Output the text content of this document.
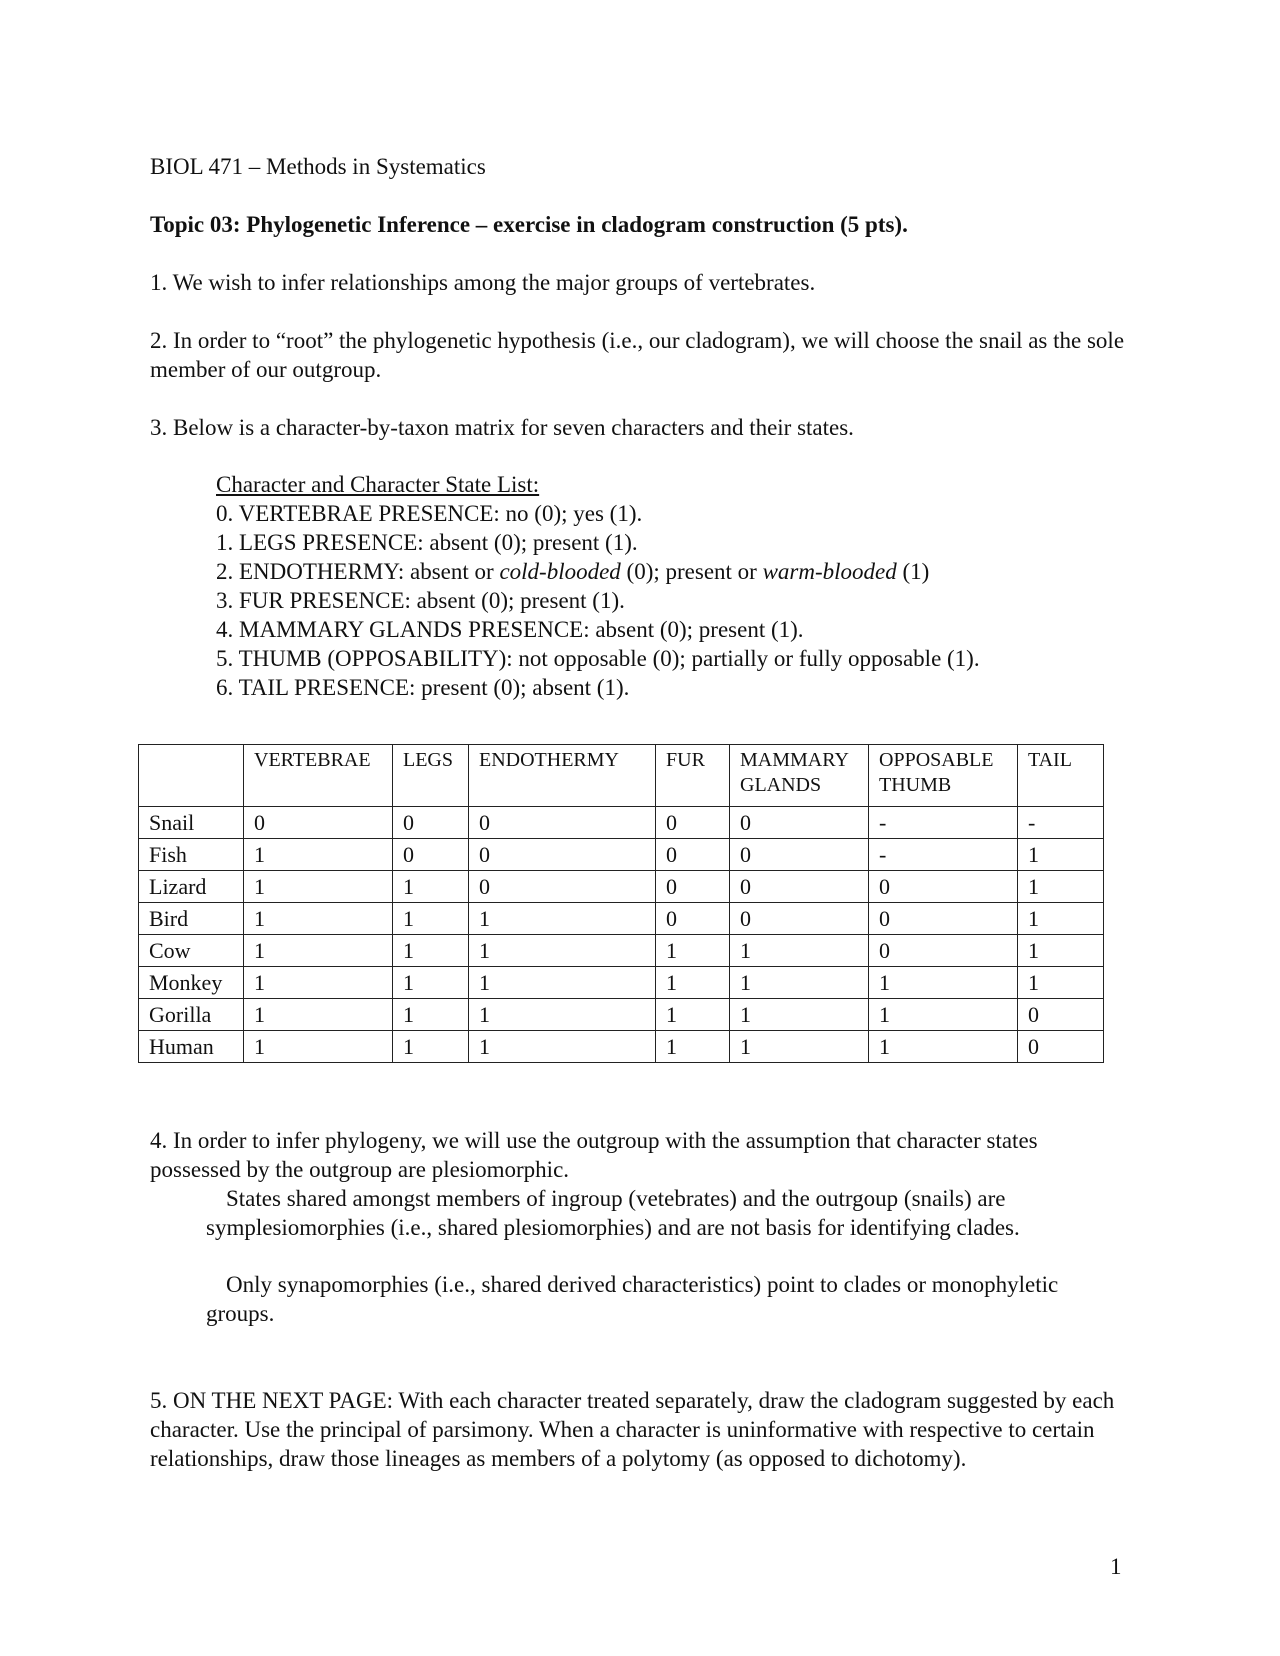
BIOL 471 – Methods in Systematics
Topic 03: Phylogenetic Inference – exercise in cladogram construction (5 pts).
1. We wish to infer relationships among the major groups of vertebrates.
2. In order to “root” the phylogenetic hypothesis (i.e., our cladogram), we will choose the snail as the sole member of our outgroup.
3. Below is a character-by-taxon matrix for seven characters and their states.
Character and Character State List:
0. VERTEBRAE PRESENCE: no (0); yes (1).
1. LEGS PRESENCE: absent (0); present (1).
2. ENDOTHERMY: absent or cold-blooded (0); present or warm-blooded (1)
3. FUR PRESENCE: absent (0); present (1).
4. MAMMARY GLANDS PRESENCE: absent (0); present (1).
5. THUMB (OPPOSABILITY): not opposable (0); partially or fully opposable (1).
6. TAIL PRESENCE: present (0); absent (1).
	VERTEBRAE	LEGS	ENDOTHERMY	FUR	MAMMARY GLANDS	OPPOSABLE THUMB	TAIL
Snail	0	0	0	0	0	-	-
Fish	1	0	0	0	0	-	1
Lizard	1	1	0	0	0	0	1
Bird	1	1	1	0	0	0	1
Cow	1	1	1	1	1	0	1
Monkey	1	1	1	1	1	1	1
Gorilla	1	1	1	1	1	1	0
Human	1	1	1	1	1	1	0
4. In order to infer phylogeny, we will use the outgroup with the assumption that character states possessed by the outgroup are plesiomorphic.
States shared amongst members of ingroup (vetebrates) and the outrgoup (snails) are symplesiomorphies (i.e., shared plesiomorphies) and are not basis for identifying clades.
Only synapomorphies (i.e., shared derived characteristics) point to clades or monophyletic groups.
5. ON THE NEXT PAGE: With each character treated separately, draw the cladogram suggested by each character. Use the principal of parsimony. When a character is uninformative with respective to certain relationships, draw those lineages as members of a polytomy (as opposed to dichotomy).
1
